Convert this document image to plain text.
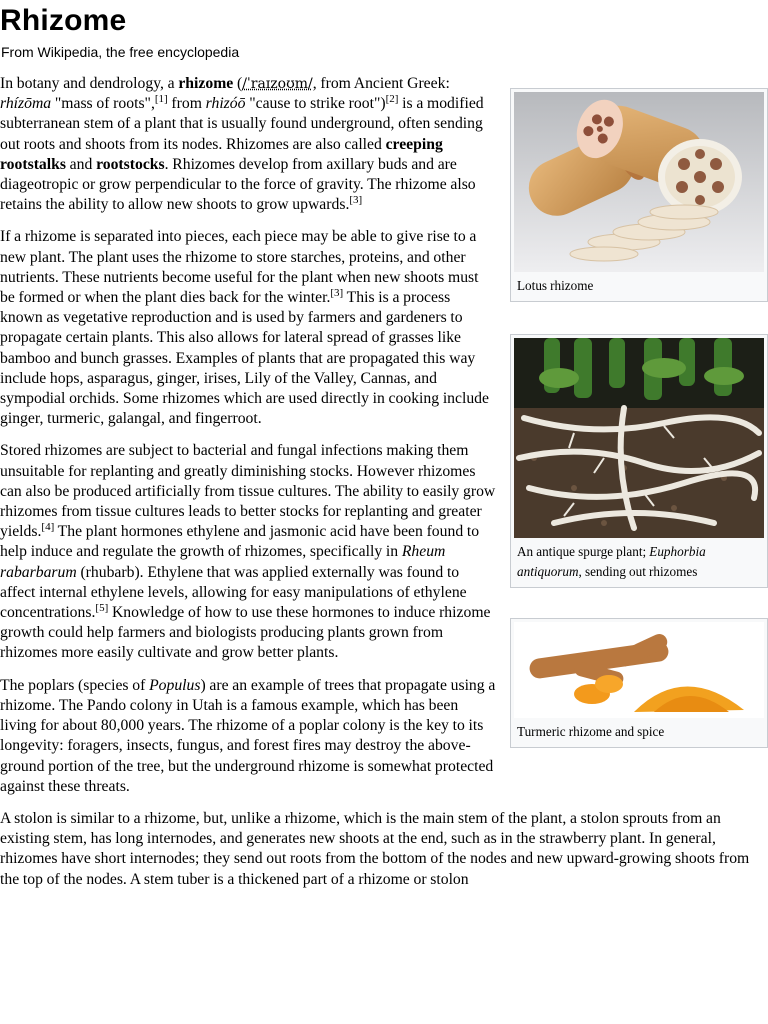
Rhizome
From Wikipedia, the free encyclopedia
Lotus rhizome

In botany and dendrology, a rhizome (/ˈraɪzoʊm/, from Ancient Greek: rhízōma "mass of roots",[1] from rhizóō "cause to strike root")[2] is a modified subterranean stem of a plant that is usually found underground, often sending out roots and shoots from its nodes. Rhizomes are also called creeping rootstalks and rootstocks. Rhizomes develop from axillary buds and are diageotropic or grow perpendicular to the force of gravity. The rhizome also retains the ability to allow new shoots to grow upwards.[3]

An antique spurge plant; Euphorbia antiquorum, sending out rhizomes

If a rhizome is separated into pieces, each piece may be able to give rise to a new plant. The plant uses the rhizome to store starches, proteins, and other nutrients. These nutrients become useful for the plant when new shoots must be formed or when the plant dies back for the winter.[3] This is a process known as vegetative reproduction and is used by farmers and gardeners to propagate certain plants. This also allows for lateral spread of grasses like bamboo and bunch grasses. Examples of plants that are propagated this way include hops, asparagus, ginger, irises, Lily of the Valley, Cannas, and sympodial orchids. Some rhizomes which are used directly in cooking include ginger, turmeric, galangal, and fingerroot.

Turmeric rhizome and spice

Stored rhizomes are subject to bacterial and fungal infections making them unsuitable for replanting and greatly diminishing stocks. However rhizomes can also be produced artificially from tissue cultures. The ability to easily grow rhizomes from tissue cultures leads to better stocks for replanting and greater yields.[4] The plant hormones ethylene and jasmonic acid have been found to help induce and regulate the growth of rhizomes, specifically in Rheum rabarbarum (rhubarb). Ethylene that was applied externally was found to affect internal ethylene levels, allowing for easy manipulations of ethylene concentrations.[5] Knowledge of how to use these hormones to induce rhizome growth could help farmers and biologists producing plants grown from rhizomes more easily cultivate and grow better plants.

The poplars (species of Populus) are an example of trees that propagate using a rhizome. The Pando colony in Utah is a famous example, which has been living for about 80,000 years. The rhizome of a poplar colony is the key to its longevity: foragers, insects, fungus, and forest fires may destroy the above-ground portion of the tree, but the underground rhizome is somewhat protected against these threats.

A stolon is similar to a rhizome, but, unlike a rhizome, which is the main stem of the plant, a stolon sprouts from an existing stem, has long internodes, and generates new shoots at the end, such as in the strawberry plant. In general, rhizomes have short internodes; they send out roots from the bottom of the nodes and new upward-growing shoots from the top of the nodes. A stem tuber is a thickened part of a rhizome or stolon
